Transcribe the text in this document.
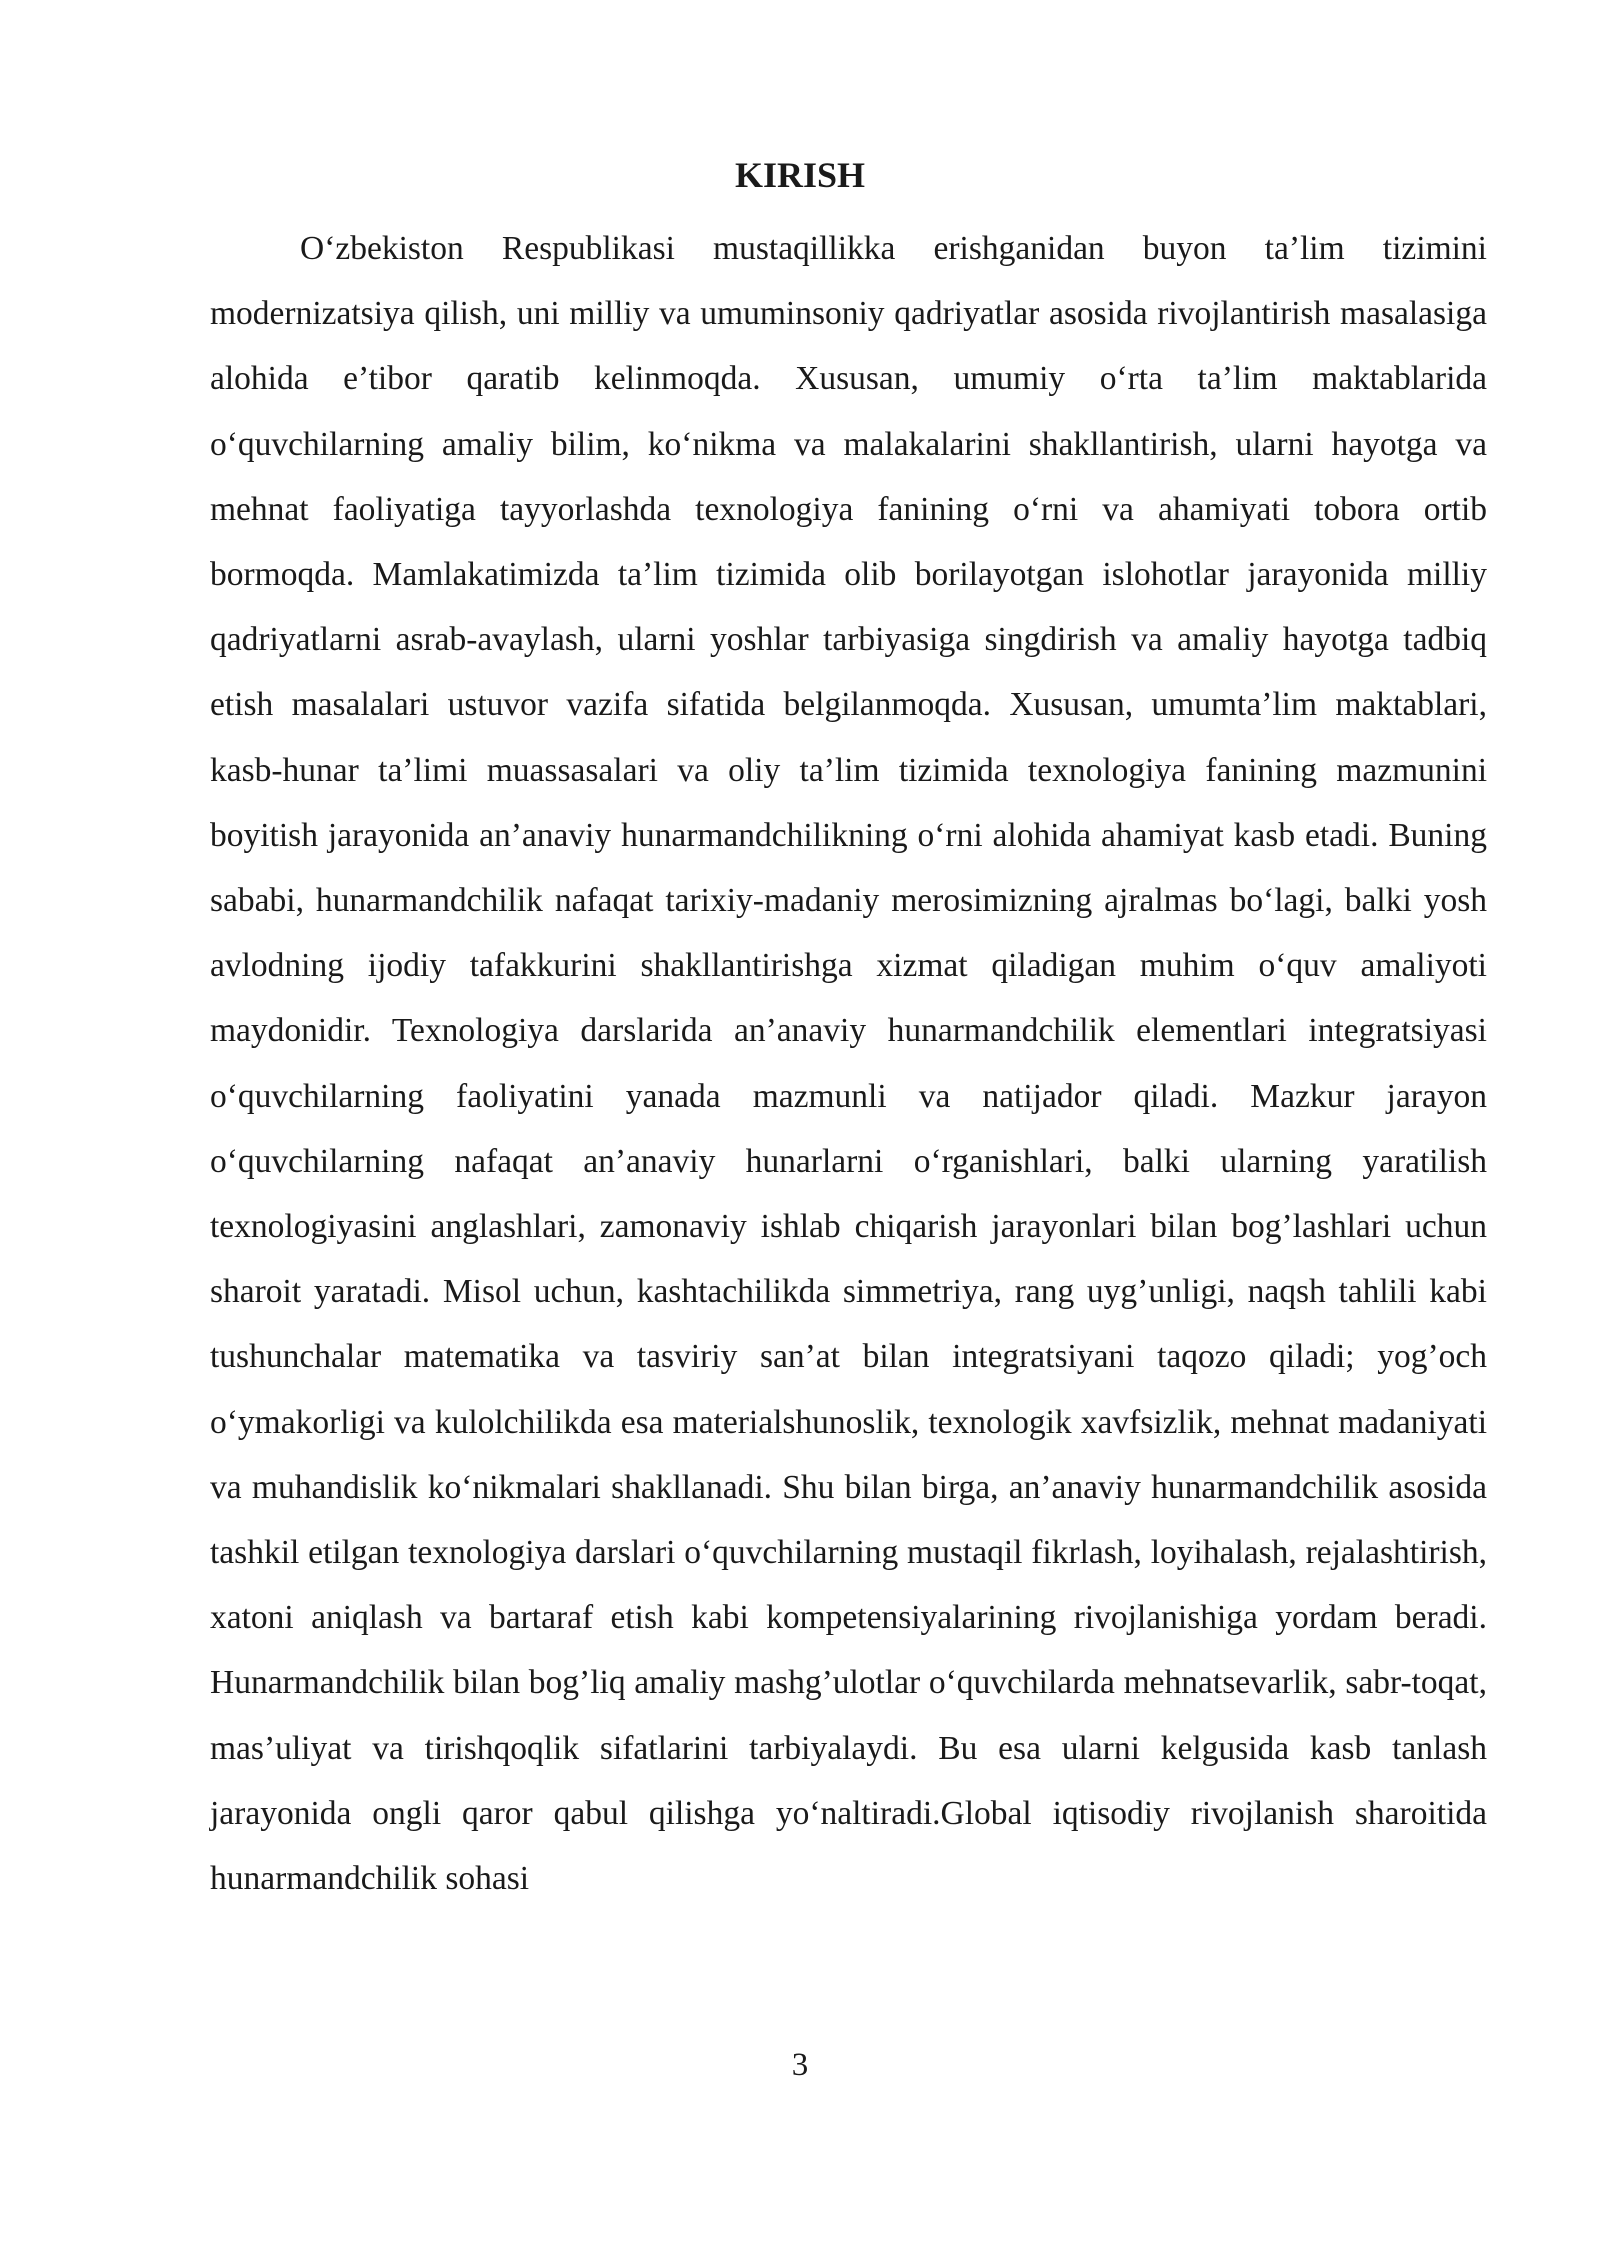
KIRISH

O‘zbekiston Respublikasi mustaqillikka erishganidan buyon ta’lim tizimini modernizatsiya qilish, uni milliy va umuminsoniy qadriyatlar asosida rivojlantirish masalasiga alohida e’tibor qaratib kelinmoqda. Xususan, umumiy o‘rta ta’lim maktablarida o‘quvchilarning amaliy bilim, ko‘nikma va malakalarini shakllantirish, ularni hayotga va mehnat faoliyatiga tayyorlashda texnologiya fanining o‘rni va ahamiyati tobora ortib bormoqda. Mamlakatimizda ta’lim tizimida olib borilayotgan islohotlar jarayonida milliy qadriyatlarni asrab-avaylash, ularni yoshlar tarbiyasiga singdirish va amaliy hayotga tadbiq etish masalalari ustuvor vazifa sifatida belgilanmoqda. Xususan, umumta’lim maktablari, kasb-hunar ta’limi muassasalari va oliy ta’lim tizimida texnologiya fanining mazmunini boyitish jarayonida an’anaviy hunarmandchilikning o‘rni alohida ahamiyat kasb etadi. Buning sababi, hunarmandchilik nafaqat tarixiy-madaniy merosimizning ajralmas bo‘lagi, balki yosh avlodning ijodiy tafakkurini shakllantirishga xizmat qiladigan muhim o‘quv amaliyoti maydonidir. Texnologiya darslarida an’anaviy hunarmandchilik elementlari integratsiyasi o‘quvchilarning faoliyatini yanada mazmunli va natijador qiladi. Mazkur jarayon o‘quvchilarning nafaqat an’anaviy hunarlarni o‘rganishlari, balki ularning yaratilish texnologiyasini anglashlari, zamonaviy ishlab chiqarish jarayonlari bilan bog’lashlari uchun sharoit yaratadi. Misol uchun, kashtachilikda simmetriya, rang uyg’unligi, naqsh tahlili kabi tushunchalar matematika va tasviriy san’at bilan integratsiyani taqozo qiladi; yog’och o‘ymakorligi va kulolchilikda esa materialshunoslik, texnologik xavfsizlik, mehnat madaniyati va muhandislik ko‘nikmalari shakllanadi. Shu bilan birga, an’anaviy hunarmandchilik asosida tashkil etilgan texnologiya darslari o‘quvchilarning mustaqil fikrlash, loyihalash, rejalashtirish, xatoni aniqlash va bartaraf etish kabi kompetensiyalarining rivojlanishiga yordam beradi. Hunarmandchilik bilan bog’liq amaliy mashg’ulotlar o‘quvchilarda mehnatsevarlik, sabr-toqat, mas’uliyat va tirishqoqlik sifatlarini tarbiyalaydi. Bu esa ularni kelgusida kasb tanlash jarayonida ongli qaror qabul qilishga yo‘naltiradi.Global iqtisodiy rivojlanish sharoitida hunarmandchilik sohasi

3
